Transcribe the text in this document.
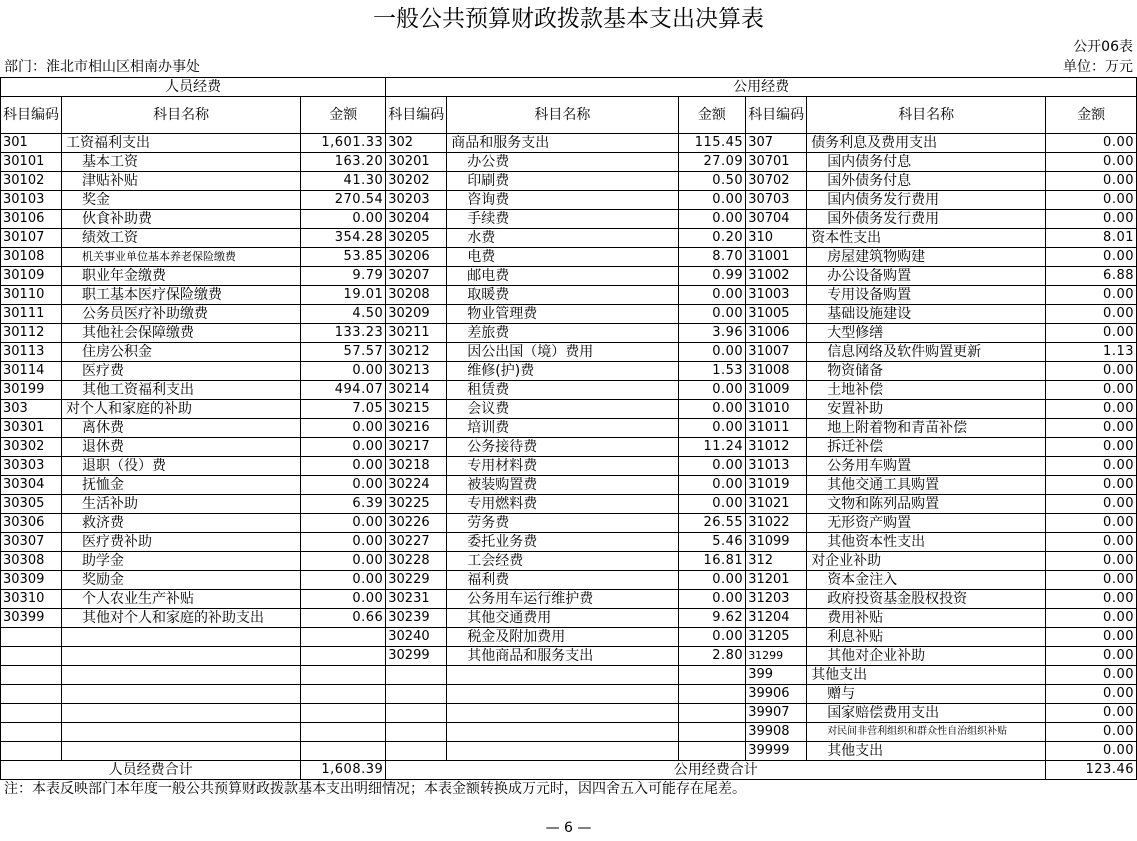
一般公共预算财政拨款基本支出决算表
公开06表
部门：淮北市相山区相南办事处	单位：万元
人员经费			公用经费					
科目编码	科目名称	金额	科目编码	科目名称	金额	科目编码	科目名称	金额
301	工资福利支出	1,601.33	302	商品和服务支出	115.45	307	债务利息及费用支出	0.00
30101	基本工资	163.20	30201	办公费	27.09	30701	国内债务付息	0.00
30102	津贴补贴	41.30	30202	印刷费	0.50	30702	国外债务付息	0.00
30103	奖金	270.54	30203	咨询费	0.00	30703	国内债务发行费用	0.00
30106	伙食补助费	0.00	30204	手续费	0.00	30704	国外债务发行费用	0.00
30107	绩效工资	354.28	30205	水费	0.20	310	资本性支出	8.01
30108	机关事业单位基本养老保险缴费	53.85	30206	电费	8.70	31001	房屋建筑物购建	0.00
30109	职业年金缴费	9.79	30207	邮电费	0.99	31002	办公设备购置	6.88
30110	职工基本医疗保险缴费	19.01	30208	取暖费	0.00	31003	专用设备购置	0.00
30111	公务员医疗补助缴费	4.50	30209	物业管理费	0.00	31005	基础设施建设	0.00
30112	其他社会保障缴费	133.23	30211	差旅费	3.96	31006	大型修缮	0.00
30113	住房公积金	57.57	30212	因公出国（境）费用	0.00	31007	信息网络及软件购置更新	1.13
30114	医疗费	0.00	30213	维修(护)费	1.53	31008	物资储备	0.00
30199	其他工资福利支出	494.07	30214	租赁费	0.00	31009	土地补偿	0.00
303	对个人和家庭的补助	7.05	30215	会议费	0.00	31010	安置补助	0.00
30301	离休费	0.00	30216	培训费	0.00	31011	地上附着物和青苗补偿	0.00
30302	退休费	0.00	30217	公务接待费	11.24	31012	拆迁补偿	0.00
30303	退职（役）费	0.00	30218	专用材料费	0.00	31013	公务用车购置	0.00
30304	抚恤金	0.00	30224	被装购置费	0.00	31019	其他交通工具购置	0.00
30305	生活补助	6.39	30225	专用燃料费	0.00	31021	文物和陈列品购置	0.00
30306	救济费	0.00	30226	劳务费	26.55	31022	无形资产购置	0.00
30307	医疗费补助	0.00	30227	委托业务费	5.46	31099	其他资本性支出	0.00
30308	助学金	0.00	30228	工会经费	16.81	312	对企业补助	0.00
30309	奖励金	0.00	30229	福利费	0.00	31201	资本金注入	0.00
30310	个人农业生产补贴	0.00	30231	公务用车运行维护费	0.00	31203	政府投资基金股权投资	0.00
30399	其他对个人和家庭的补助支出	0.66	30239	其他交通费用	9.62	31204	费用补贴	0.00
			30240	税金及附加费用	0.00	31205	利息补贴	0.00
			30299	其他商品和服务支出	2.80	31299	其他对企业补助	0.00
						399	其他支出	0.00
						39906	赠与	0.00
						39907	国家赔偿费用支出	0.00
						39908	对民间非营利组织和群众性自治组织补贴	0.00
						39999	其他支出	0.00
人员经费合计		1,608.39	公用经费合计					123.46
注：本表反映部门本年度一般公共预算财政拨款基本支出明细情况；本表金额转换成万元时，因四舍五入可能存在尾差。
— 6 —
